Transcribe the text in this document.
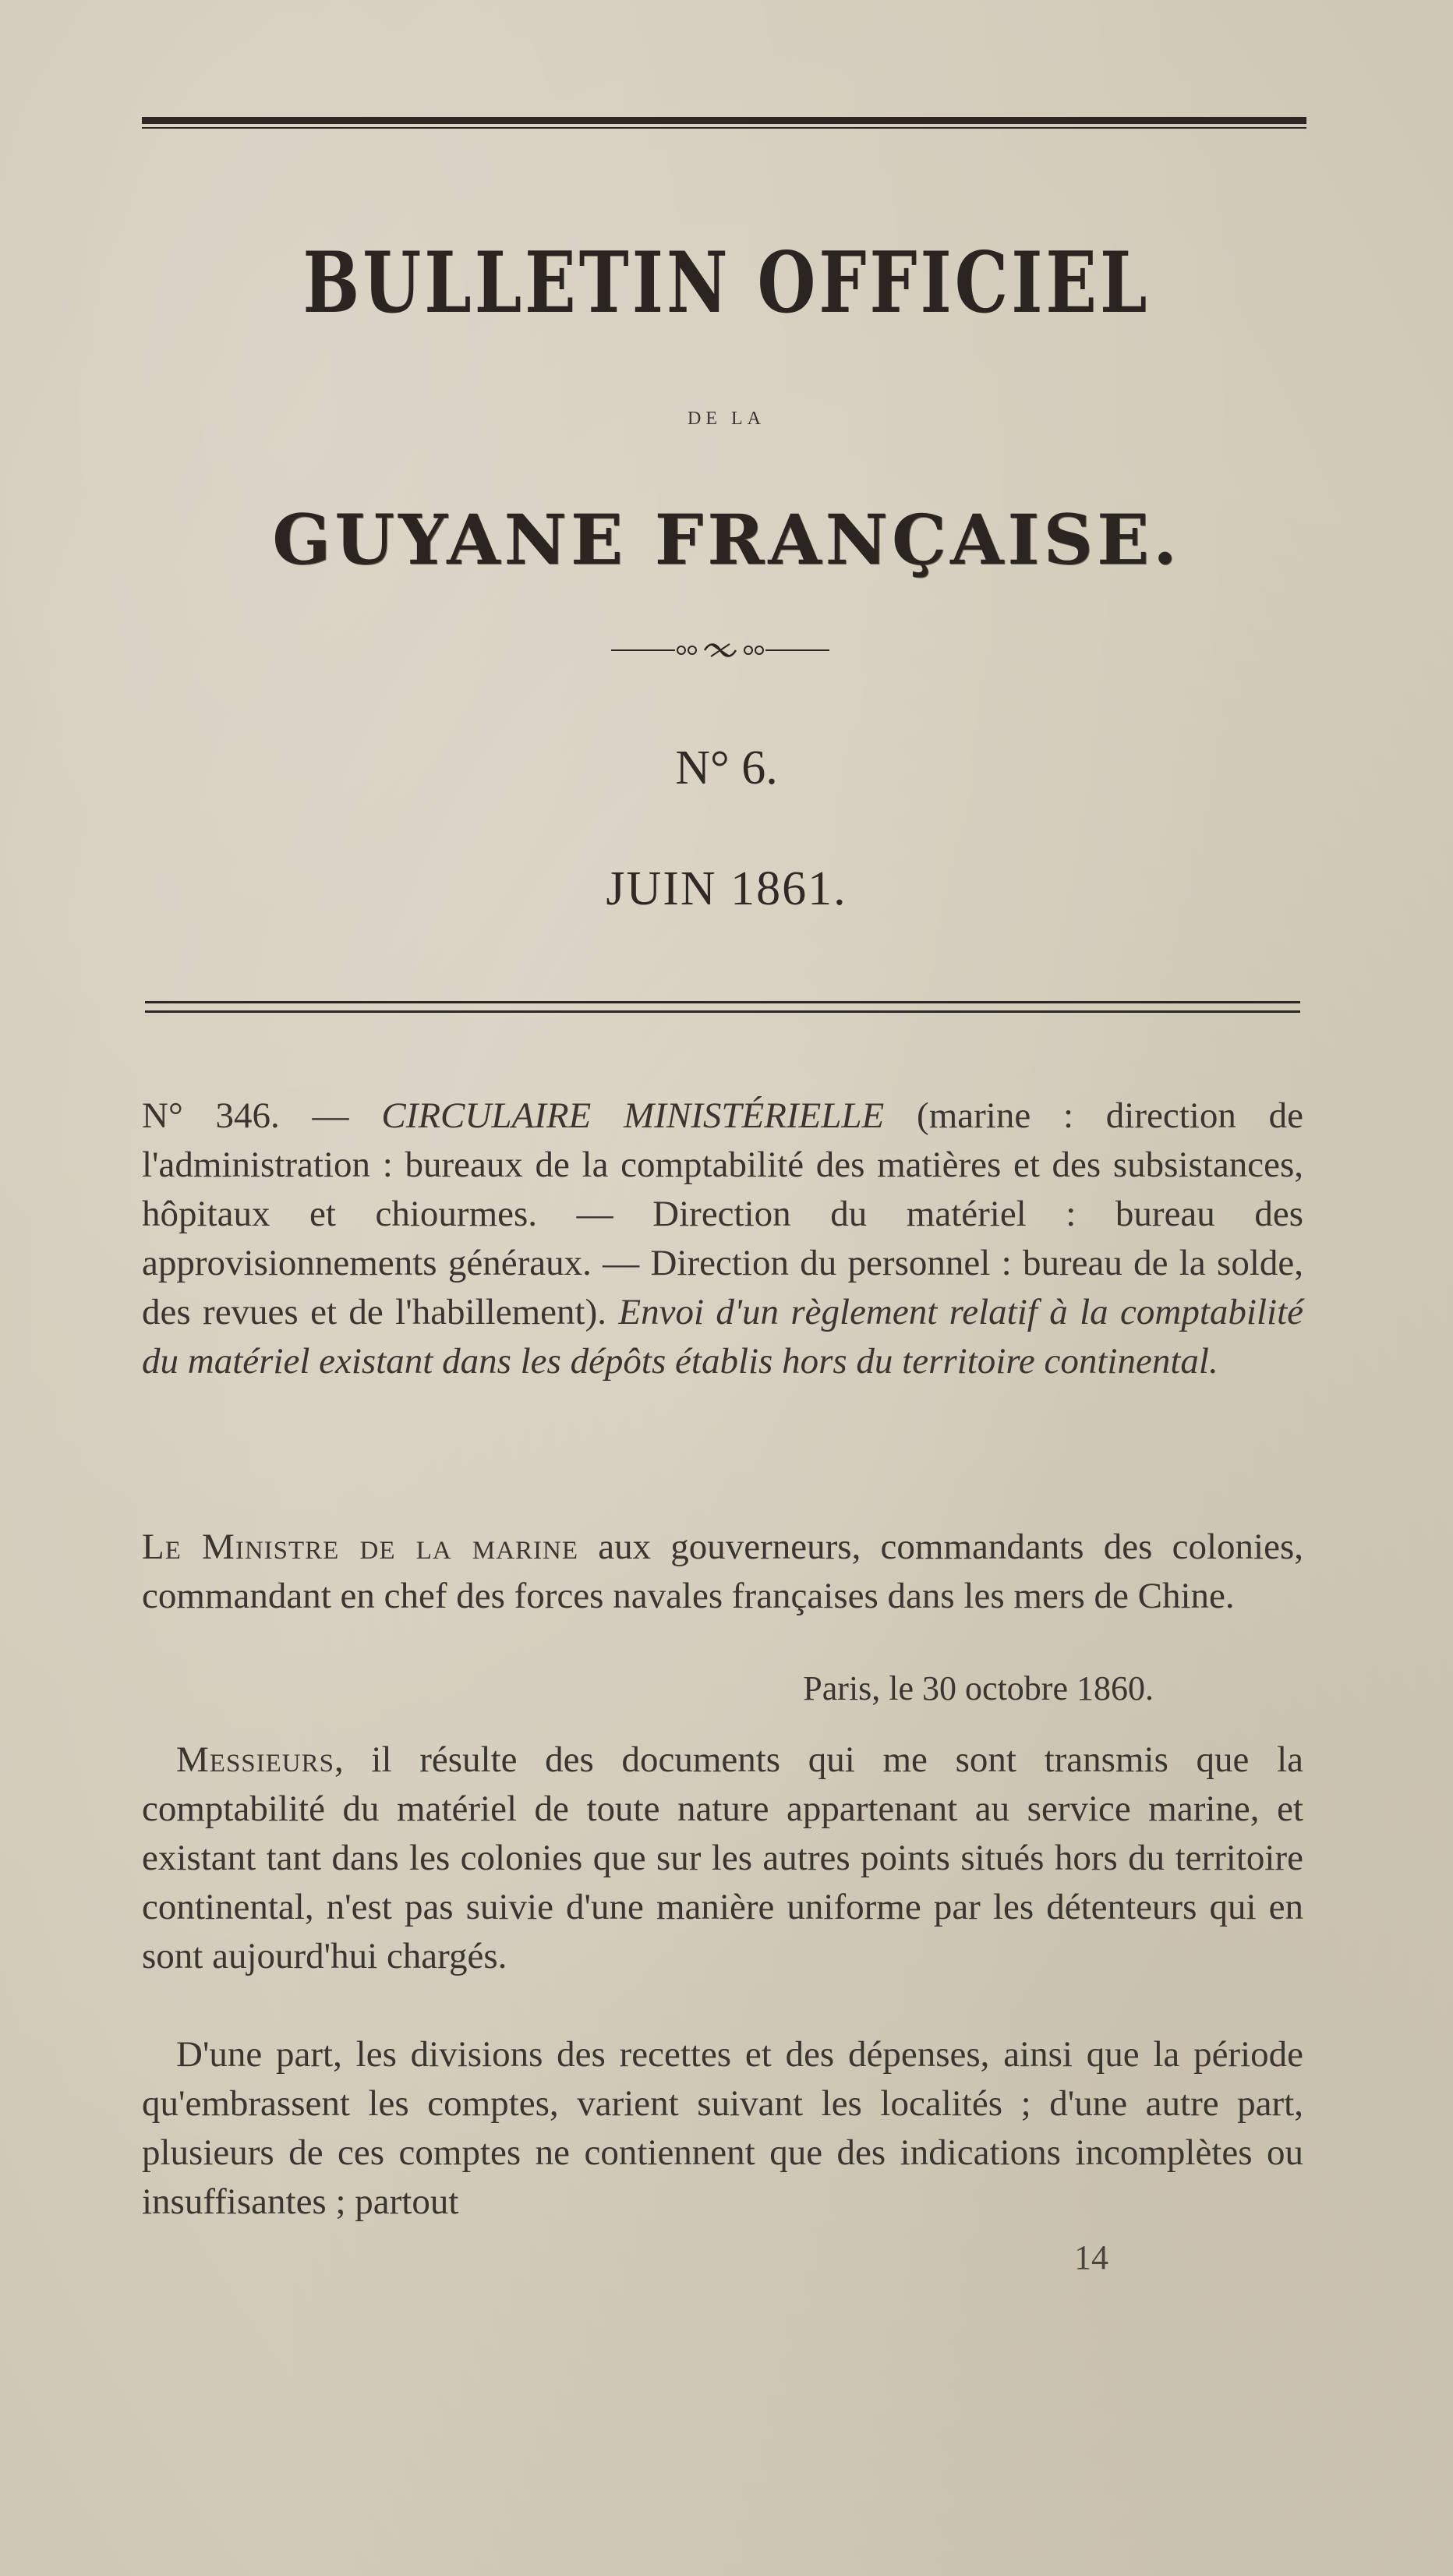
BULLETIN OFFICIEL
DE LA
GUYANE FRANÇAISE.
N° 6.
JUIN 1861.
N° 346. — CIRCULAIRE MINISTÉRIELLE (marine : direction de l'administration : bureaux de la comptabilité des matières et des subsistances, hôpitaux et chiourmes. — Direction du matériel : bureau des approvisionnements généraux. — Direction du personnel : bureau de la solde, des revues et de l'habillement). Envoi d'un règlement relatif à la comptabilité du matériel existant dans les dépôts établis hors du territoire continental.
Le Ministre de la marine aux gouverneurs, commandants des colonies, commandant en chef des forces navales françaises dans les mers de Chine.
Paris, le 30 octobre 1860.
Messieurs, il résulte des documents qui me sont transmis que la comptabilité du matériel de toute nature appartenant au service marine, et existant tant dans les colonies que sur les autres points situés hors du territoire continental, n'est pas suivie d'une manière uniforme par les détenteurs qui en sont aujourd'hui chargés.
D'une part, les divisions des recettes et des dépenses, ainsi que la période qu'embrassent les comptes, varient suivant les localités ; d'une autre part, plusieurs de ces comptes ne contiennent que des indications incomplètes ou insuffisantes ; partout
14
